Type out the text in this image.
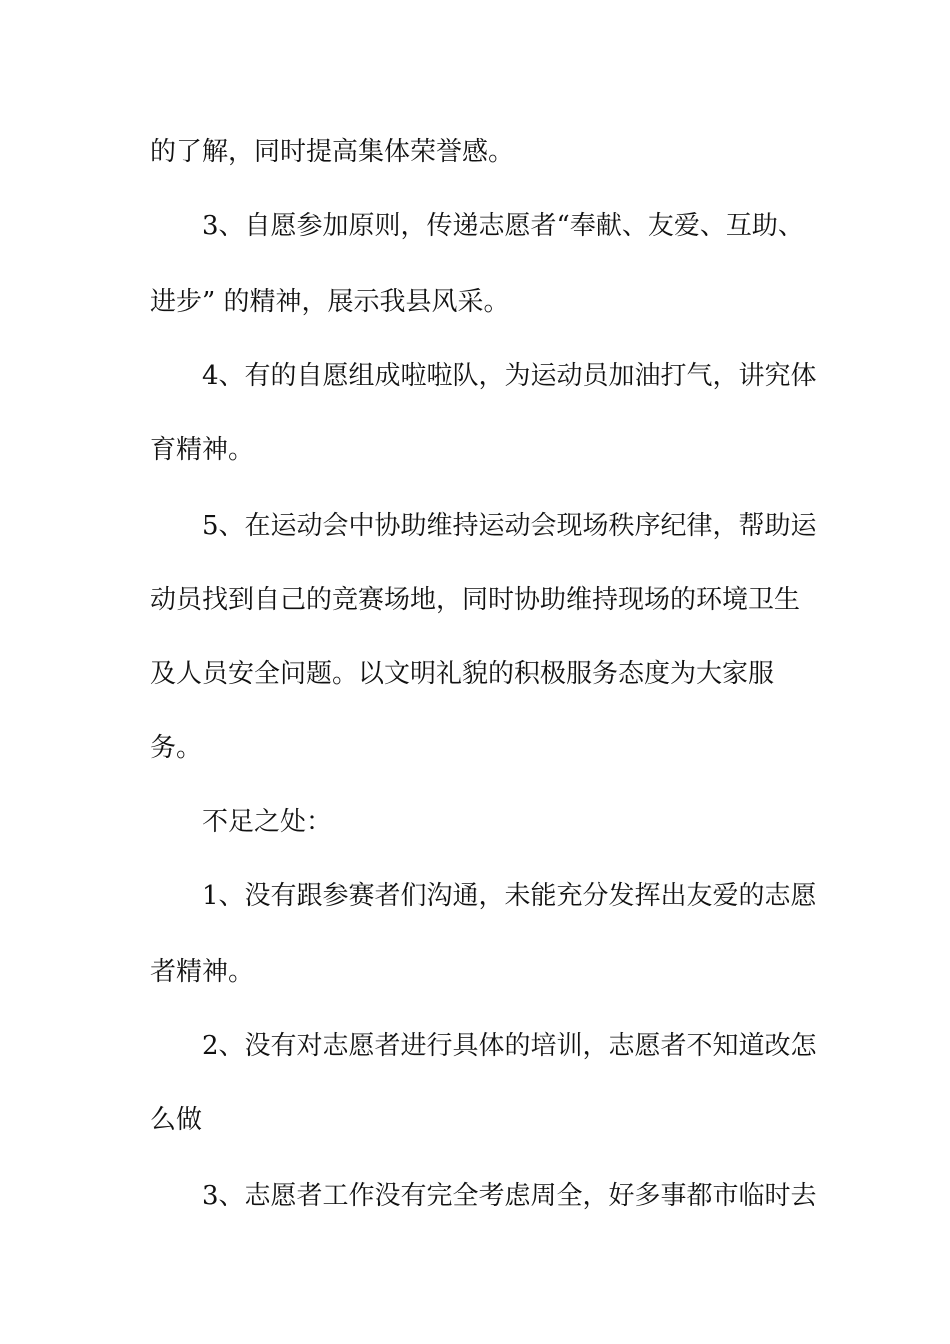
的了解，同时提高集体荣誉感。
3、自愿参加原则，传递志愿者“奉献、友爱、互助、
进步” 的精神，展示我县风采。
4、有的自愿组成啦啦队，为运动员加油打气，讲究体
育精神。
5、在运动会中协助维持运动会现场秩序纪律，帮助运
动员找到自己的竞赛场地，同时协助维持现场的环境卫生
及人员安全问题。以文明礼貌的积极服务态度为大家服
务。
不足之处：
1、没有跟参赛者们沟通，未能充分发挥出友爱的志愿
者精神。
2、没有对志愿者进行具体的培训，志愿者不知道改怎
么做
3、志愿者工作没有完全考虑周全，好多事都市临时去
